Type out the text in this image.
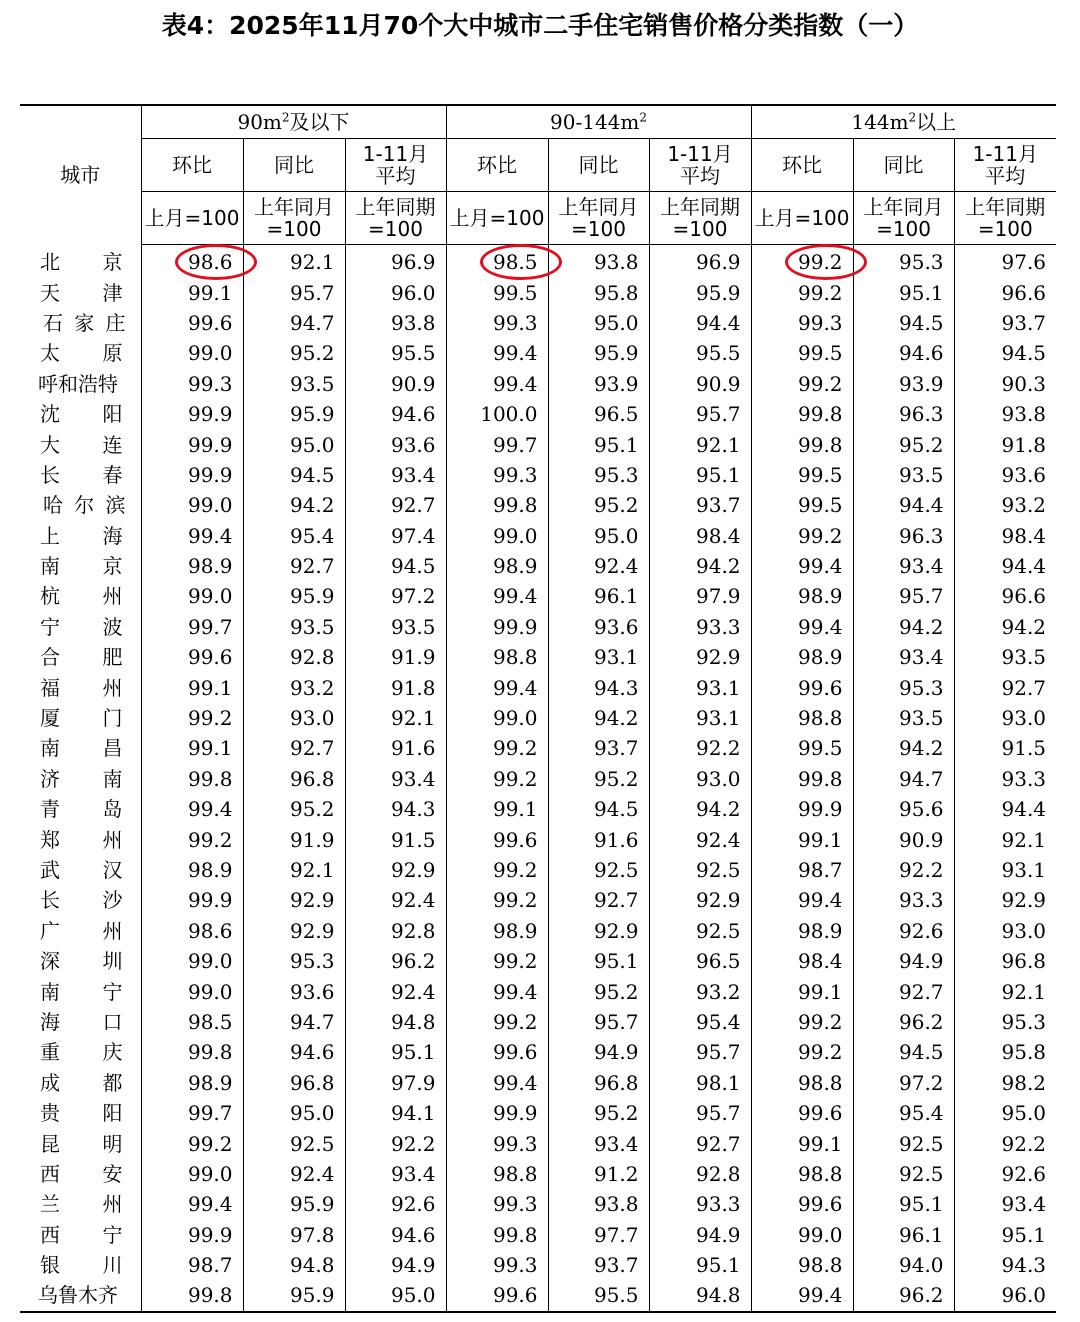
表4：2025年11月70个大中城市二手住宅销售价格分类指数（一）
城市	$90m^2$及以下			$90-144m^2$			$144m^2$以上		
	环比	同比	1-11月平均	环比	同比	1-11月平均	环比	同比	1-11月平均
	上月=100	上年同月=100	上年同期=100	上月=100	上年同月=100	上年同期=100	上月=100	上年同月=100	上年同期=100

北 京	98.6	92.1	96.9	98.5	93.8	96.9	99.2	95.3	97.6

天 津	99.1	95.7	96.0	99.5	95.8	95.9	99.2	95.1	96.6

石 家 庄	99.6	94.7	93.8	99.3	95.0	94.4	99.3	94.5	93.7

太 原	99.0	95.2	95.5	99.4	95.9	95.5	99.5	94.6	94.5
呼和浩特	99.3	93.5	90.9	99.4	93.9	90.9	99.2	93.9	90.3

沈 阳	99.9	95.9	94.6	100.0	96.5	95.7	99.8	96.3	93.8

大 连	99.9	95.0	93.6	99.7	95.1	92.1	99.8	95.2	91.8

长 春	99.9	94.5	93.4	99.3	95.3	95.1	99.5	93.5	93.6

哈 尔 滨	99.0	94.2	92.7	99.8	95.2	93.7	99.5	94.4	93.2

上 海	99.4	95.4	97.4	99.0	95.0	98.4	99.2	96.3	98.4

南 京	98.9	92.7	94.5	98.9	92.4	94.2	99.4	93.4	94.4

杭 州	99.0	95.9	97.2	99.4	96.1	97.9	98.9	95.7	96.6

宁 波	99.7	93.5	93.5	99.9	93.6	93.3	99.4	94.2	94.2

合 肥	99.6	92.8	91.9	98.8	93.1	92.9	98.9	93.4	93.5

福 州	99.1	93.2	91.8	99.4	94.3	93.1	99.6	95.3	92.7

厦 门	99.2	93.0	92.1	99.0	94.2	93.1	98.8	93.5	93.0

南 昌	99.1	92.7	91.6	99.2	93.7	92.2	99.5	94.2	91.5

济 南	99.8	96.8	93.4	99.2	95.2	93.0	99.8	94.7	93.3

青 岛	99.4	95.2	94.3	99.1	94.5	94.2	99.9	95.6	94.4

郑 州	99.2	91.9	91.5	99.6	91.6	92.4	99.1	90.9	92.1

武 汉	98.9	92.1	92.9	99.2	92.5	92.5	98.7	92.2	93.1

长 沙	99.9	92.9	92.4	99.2	92.7	92.9	99.4	93.3	92.9

广 州	98.6	92.9	92.8	98.9	92.9	92.5	98.9	92.6	93.0

深 圳	99.0	95.3	96.2	99.2	95.1	96.5	98.4	94.9	96.8

南 宁	99.0	93.6	92.4	99.4	95.2	93.2	99.1	92.7	92.1

海 口	98.5	94.7	94.8	99.2	95.7	95.4	99.2	96.2	95.3

重 庆	99.8	94.6	95.1	99.6	94.9	95.7	99.2	94.5	95.8

成 都	98.9	96.8	97.9	99.4	96.8	98.1	98.8	97.2	98.2

贵 阳	99.7	95.0	94.1	99.9	95.2	95.7	99.6	95.4	95.0

昆 明	99.2	92.5	92.2	99.3	93.4	92.7	99.1	92.5	92.2

西 安	99.0	92.4	93.4	98.8	91.2	92.8	98.8	92.5	92.6

兰 州	99.4	95.9	92.6	99.3	93.8	93.3	99.6	95.1	93.4

西 宁	99.9	97.8	94.6	99.8	97.7	94.9	99.0	96.1	95.1

银 川	98.7	94.8	94.9	99.3	93.7	95.1	98.8	94.0	94.3
乌鲁木齐	99.8	95.9	95.0	99.6	95.5	94.8	99.4	96.2	96.0
